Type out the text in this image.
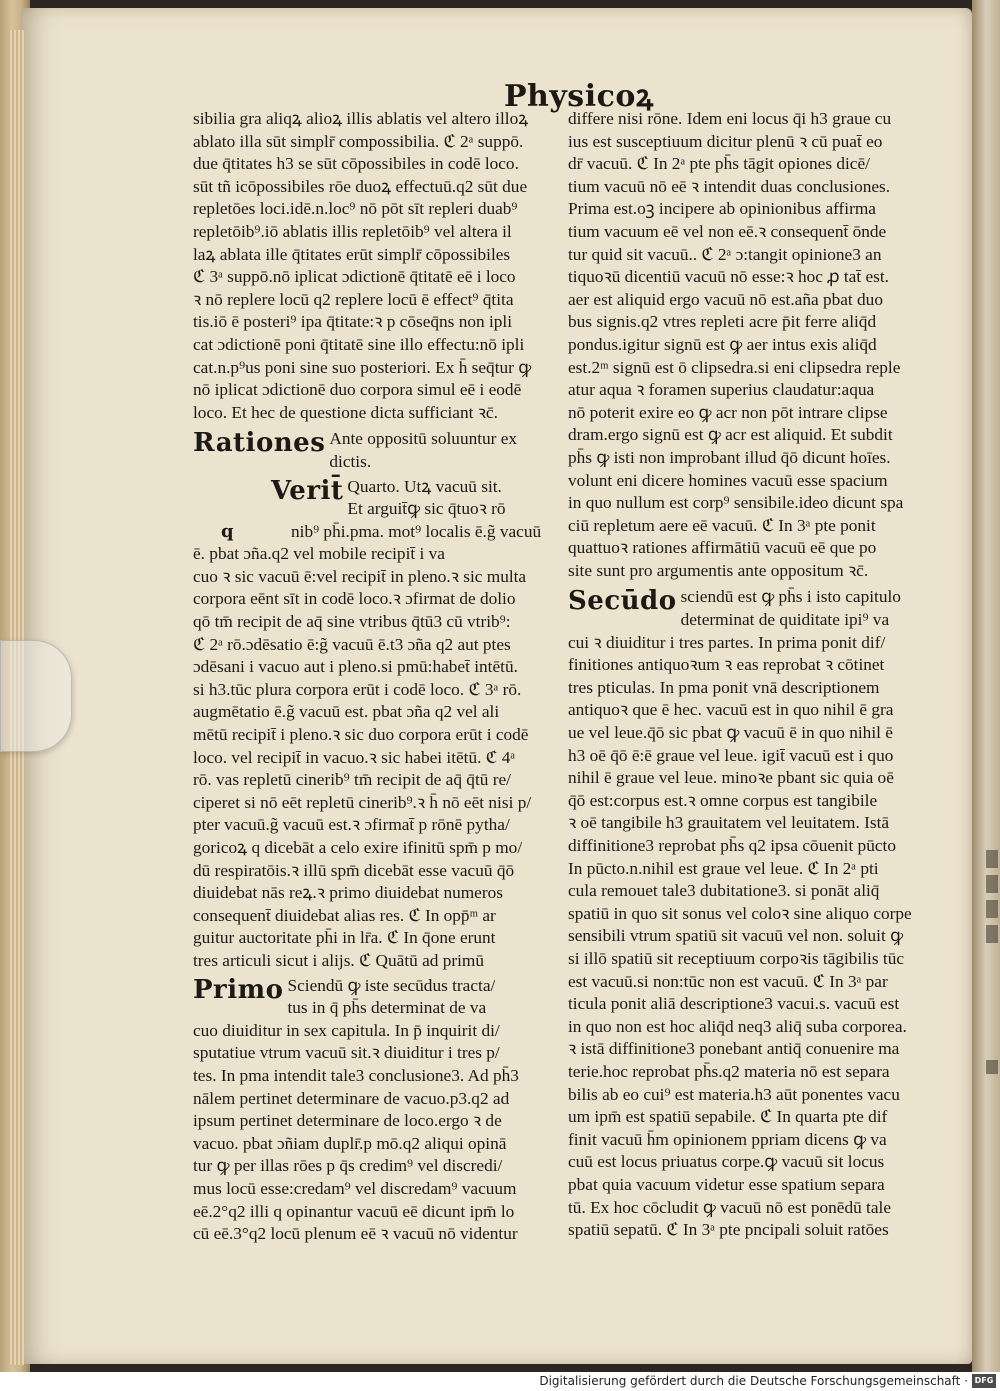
Physicoꝝ
sibilia gra aliqꝝ alioꝝ illis ablatis vel altero illoꝝ
ablato illa sūt simplr̄ compossibilia. ℭ 2ᵃ suppō.
due q̄titates h3 se sūt cōpossibiles in codē loco.
sūt tñ icōpossibiles rōe duoꝝ effectuū.q2 sūt due
repletōes loci.idē.n.loc⁹ nō pōt sīt repleri duab⁹
repletōib⁹.iō ablatis illis repletōib⁹ vel altera il
laꝝ ablata ille q̄titates erūt simplr̄ cōpossibiles
ℭ 3ᵃ suppō.nō iplicat ɔdictionē q̄titatē eē i loco
ꝛ nō replere locū q2 replere locū ē effect⁹ q̄tita
tis.iō ē posteri⁹ ipa q̄titate:ꝛ p cōseq̄ns non ipli
cat ɔdictionē poni q̄titatē sine illo effectu:nō ipli
cat.n.p⁹us poni sine suo posteriori. Ex h̄ seq̄tur ꝙ
nō iplicat ɔdictionē duo corpora simul eē i eodē
loco. Et hec de questione dicta sufficiant ꝛc̄.
Rationes Ante oppositū soluuntur ex
dictis.
Verit̄ Quarto. Utꝝ vacuū sit.
Et arguit̄ꝙ sic q̄tuoꝛ rō
q	nib⁹ ph̄i.pma. mot⁹ localis ē.g̃ vacuū
ē. pbat ɔña.q2 vel mobile recipit̄ i va
cuo ꝛ sic vacuū ē:vel recipit̄ in pleno.ꝛ sic multa
corpora eēnt sīt in codē loco.ꝛ ɔfirmat de dolio
qō tm̄ recipit de aq̄ sine vtribus q̄tū3 cū vtrib⁹:
ℭ 2ᵃ rō.ɔdēsatio ē:g̃ vacuū ē.t3 ɔña q2 aut ptes
ɔdēsani i vacuo aut i pleno.si pmū:habet̄ intētū.
si h3.tūc plura corpora erūt i codē loco. ℭ 3ᵃ rō.
augmētatio ē.g̃ vacuū est. pbat ɔña q2 vel ali
mētū recipit̄ i pleno.ꝛ sic duo corpora erūt i codē
loco. vel recipit̄ in vacuo.ꝛ sic habei itētū. ℭ 4ᵃ
rō. vas repletū cinerib⁹ tm̄ recipit de aq̄ q̄tū re/
ciperet si nō eēt repletū cinerib⁹.ꝛ h̄ nō eēt nisi p/
pter vacuū.g̃ vacuū est.ꝛ ɔfirmat̄ p rōnē pytha/
goricoꝝ q dicebāt a celo exire ifinitū spm̄ p mo/
dū respiratōis.ꝛ illū spm̄ dicebāt esse vacuū q̄ō
diuidebat nās reꝝ.ꝛ primo diuidebat numeros
consequent̄ diuidebat alias res. ℭ In opp̄ᵐ ar
guitur auctoritate ph̄i in lr̄a. ℭ In q̄one erunt
tres articuli sicut i alijs. ℭ Quātū ad primū
Primo Sciendū ꝙ iste secūdus tracta/
tus in q̄ ph̄s determinat de va
cuo diuiditur in sex capitula. In p̄ inquirit di/
sputatiue vtrum vacuū sit.ꝛ diuiditur i tres p/
tes. In pma intendit tale3 conclusione3. Ad ph̄3
nālem pertinet determinare de vacuo.p3.q2 ad
ipsum pertinet determinare de loco.ergo ꝛ de
vacuo. pbat ɔñiam duplr̄.p mō.q2 aliqui opinā
tur ꝙ per illas rōes p q̄s credim⁹ vel discredi/
mus locū esse:credam⁹ vel discredam⁹ vacuum
eē.2°q2 illi q opinantur vacuū eē dicunt ipm̄ lo
cū eē.3°q2 locū plenum eē ꝛ vacuū nō videntur
differe nisi rōne. Idem eni locus q̄i h3 graue cu
ius est susceptiuum dicitur plenū ꝛ cū puat̄ eo
dr̄ vacuū. ℭ In 2ᵃ pte ph̄s tāgit opiones dicē/
tium vacuū nō eē ꝛ intendit duas conclusiones.
Prima est.oꝫ incipere ab opinionibus affirma
tium vacuum eē vel non eē.ꝛ consequent̄ ōnde
tur quid sit vacuū.. ℭ 2ᵃ ɔ:tangit opinione3 an
tiquoꝛū dicentiū vacuū nō esse:ꝛ hoc ꝓ tat̄ est.
aer est aliquid ergo vacuū nō est.aña pbat duo
bus signis.q2 vtres repleti acre p̄it ferre aliq̄d
pondus.igitur signū est ꝙ aer intus exis aliq̄d
est.2ᵐ signū est ō clipsedra.si eni clipsedra reple
atur aqua ꝛ foramen superius claudatur:aqua
nō poterit exire eo ꝙ acr non pōt intrare clipse
dram.ergo signū est ꝙ acr est aliquid. Et subdit
ph̄s ꝙ isti non improbant illud q̄ō dicunt hoīes.
volunt eni dicere homines vacuū esse spacium
in quo nullum est corp⁹ sensibile.ideo dicunt spa
ciū repletum aere eē vacuū. ℭ In 3ᵃ pte ponit
quattuoꝛ rationes affirmātiū vacuū eē que po
site sunt pro argumentis ante oppositum ꝛc̄.
Secūdo sciendū est ꝙ ph̄s i isto capitulo
determinat de quiditate ipi⁹ va
cui ꝛ diuiditur i tres partes. In prima ponit dif/
finitiones antiquoꝛum ꝛ eas reprobat ꝛ cōtinet
tres pticulas. In pma ponit vnā descriptionem
antiquoꝛ que ē hec. vacuū est in quo nihil ē gra
ue vel leue.q̄ō sic pbat ꝙ vacuū ē in quo nihil ē
h3 oē q̄ō ē:ē graue vel leue. igit̄ vacuū est i quo
nihil ē graue vel leue. minoꝛe pbant sic quia oē
q̄ō est:corpus est.ꝛ omne corpus est tangibile
ꝛ oē tangibile h3 grauitatem vel leuitatem. Istā
diffinitione3 reprobat ph̄s q2 ipsa cōuenit pūcto
In pūcto.n.nihil est graue vel leue. ℭ In 2ᵃ pti
cula remouet tale3 dubitatione3. si ponāt aliq̄
spatiū in quo sit sonus vel coloꝛ sine aliquo corpe
sensibili vtrum spatiū sit vacuū vel non. soluit ꝙ
si illō spatiū sit receptiuum corpoꝛis tāgibilis tūc
est vacuū.si non:tūc non est vacuū. ℭ In 3ᵃ par
ticula ponit aliā descriptione3 vacui.s. vacuū est
in quo non est hoc aliq̄d neq3 aliq̄ suba corporea.
ꝛ istā diffinitione3 ponebant antiq̄ conuenire ma
terie.hoc reprobat ph̄s.q2 materia nō est separa
bilis ab eo cui⁹ est materia.h3 aūt ponentes vacu
um ipm̄ est spatiū sepabile. ℭ In quarta pte dif
finit vacuū h̄m opinionem ppriam dicens ꝙ va
cuū est locus priuatus corpe.ꝙ vacuū sit locus
pbat quia vacuum videtur esse spatium separa
tū. Ex hoc cōcludit ꝙ vacuū nō est ponēdū tale
spatiū sepatū. ℭ In 3ᵃ pte pncipali soluit ratōes
Digitalisierung gefördert durch die Deutsche Forschungsgemeinschaft · DFG
